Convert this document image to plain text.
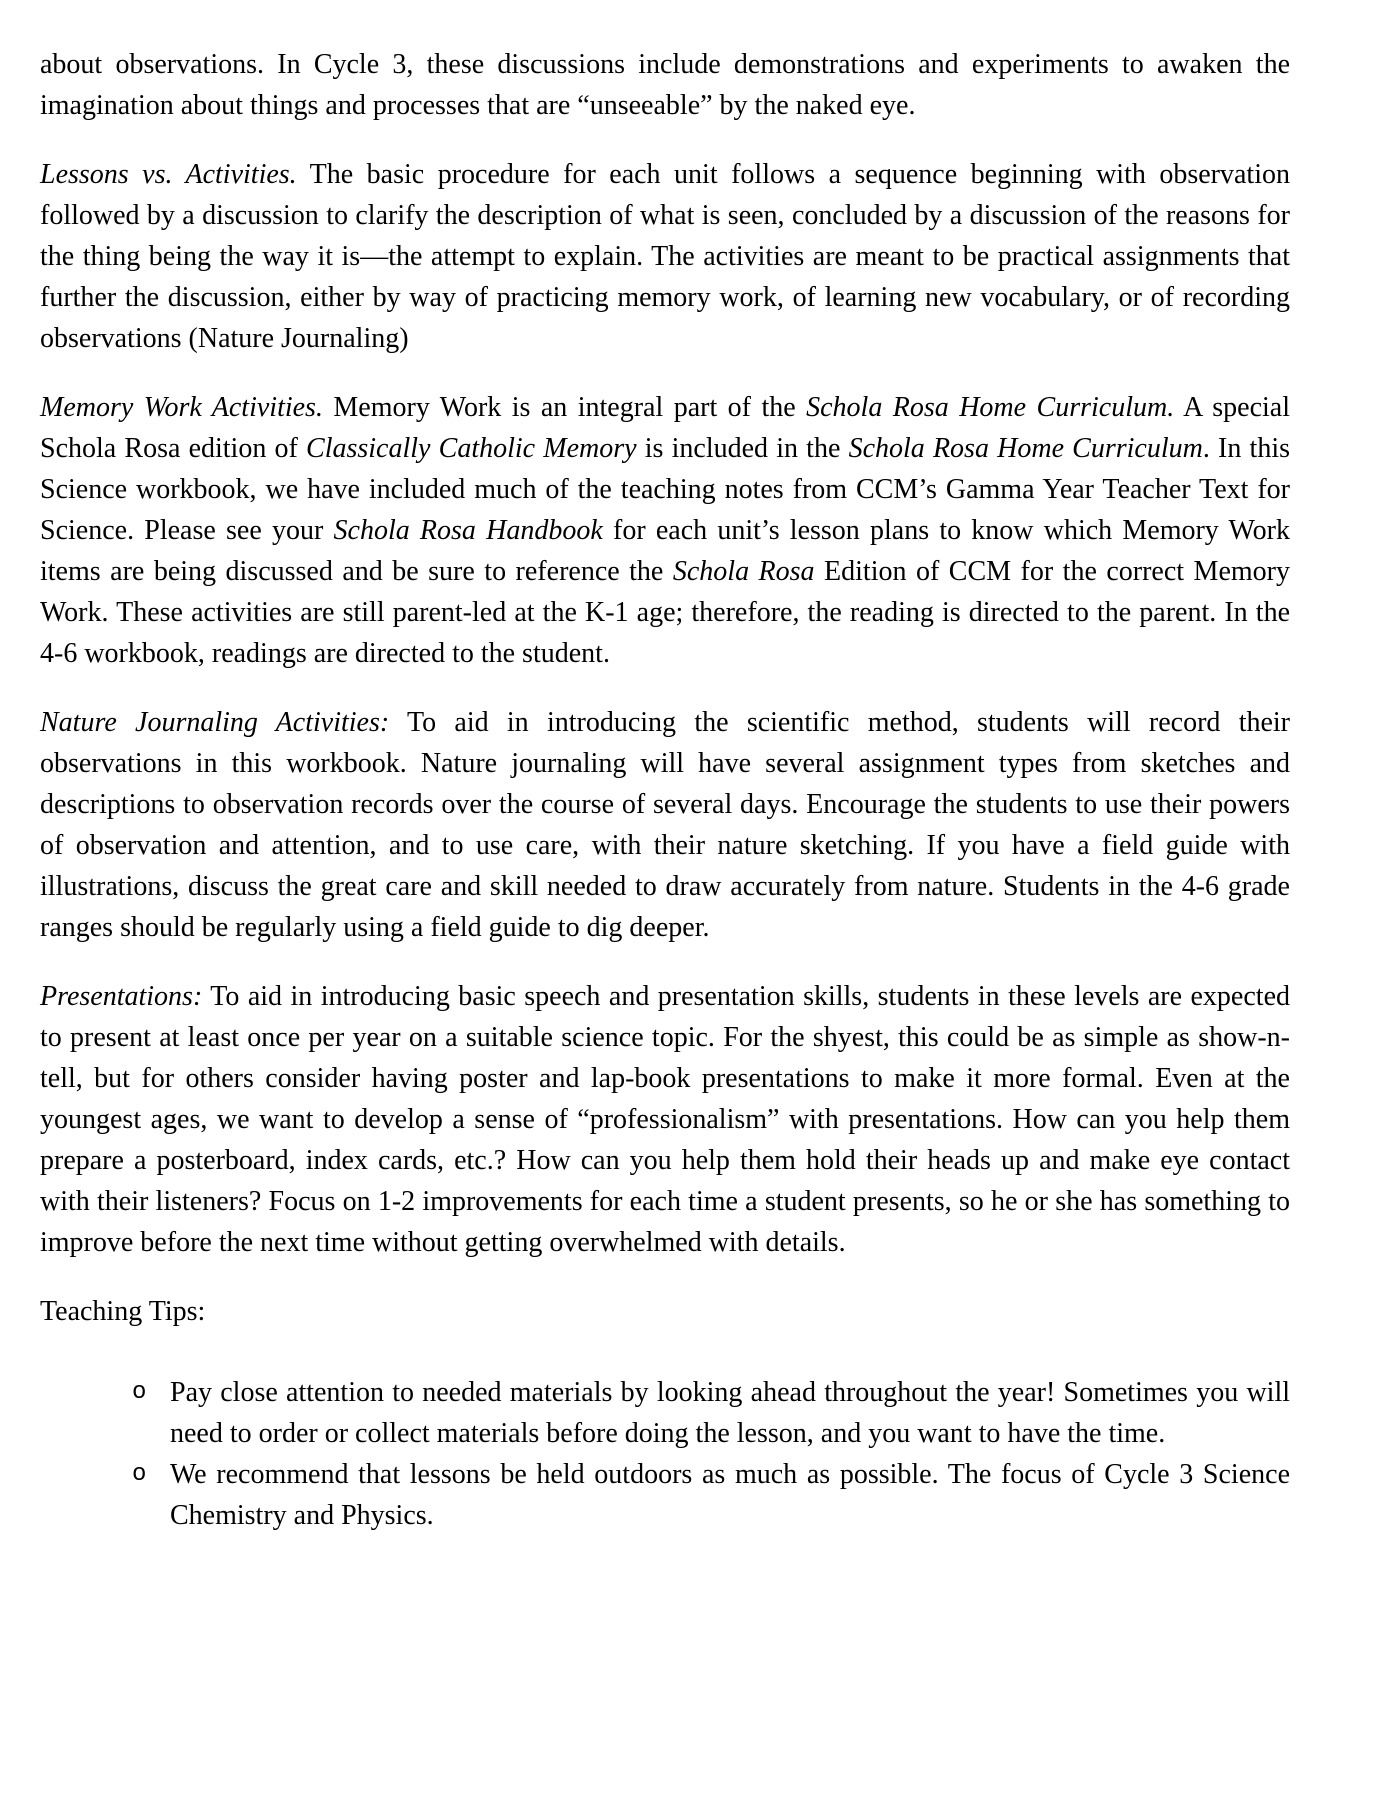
about observations. In Cycle 3, these discussions include demonstrations and experiments to awaken the imagination about things and processes that are “unseeable” by the naked eye.

Lessons vs. Activities. The basic procedure for each unit follows a sequence beginning with observation followed by a discussion to clarify the description of what is seen, concluded by a discussion of the reasons for the thing being the way it is—the attempt to explain. The activities are meant to be practical assignments that further the discussion, either by way of practicing memory work, of learning new vocabulary, or of recording observations (Nature Journaling)

Memory Work Activities. Memory Work is an integral part of the Schola Rosa Home Curriculum. A special Schola Rosa edition of Classically Catholic Memory is included in the Schola Rosa Home Curriculum. In this Science workbook, we have included much of the teaching notes from CCM’s Gamma Year Teacher Text for Science. Please see your Schola Rosa Handbook for each unit’s lesson plans to know which Memory Work items are being discussed and be sure to reference the Schola Rosa Edition of CCM for the correct Memory Work. These activities are still parent-led at the K-1 age; therefore, the reading is directed to the parent. In the 4-6 workbook, readings are directed to the student.

Nature Journaling Activities: To aid in introducing the scientific method, students will record their observations in this workbook. Nature journaling will have several assignment types from sketches and descriptions to observation records over the course of several days. Encourage the students to use their powers of observation and attention, and to use care, with their nature sketching. If you have a field guide with illustrations, discuss the great care and skill needed to draw accurately from nature. Students in the 4-6 grade ranges should be regularly using a field guide to dig deeper.

Presentations: To aid in introducing basic speech and presentation skills, students in these levels are expected to present at least once per year on a suitable science topic. For the shyest, this could be as simple as show-n-tell, but for others consider having poster and lap-book presentations to make it more formal. Even at the youngest ages, we want to develop a sense of “professionalism” with presentations. How can you help them prepare a posterboard, index cards, etc.? How can you help them hold their heads up and make eye contact with their listeners? Focus on 1-2 improvements for each time a student presents, so he or she has something to improve before the next time without getting overwhelmed with details.

Teaching Tips:

o Pay close attention to needed materials by looking ahead throughout the year! Sometimes you will need to order or collect materials before doing the lesson, and you want to have the time.
o We recommend that lessons be held outdoors as much as possible. The focus of Cycle 3 Science Chemistry and Physics.
